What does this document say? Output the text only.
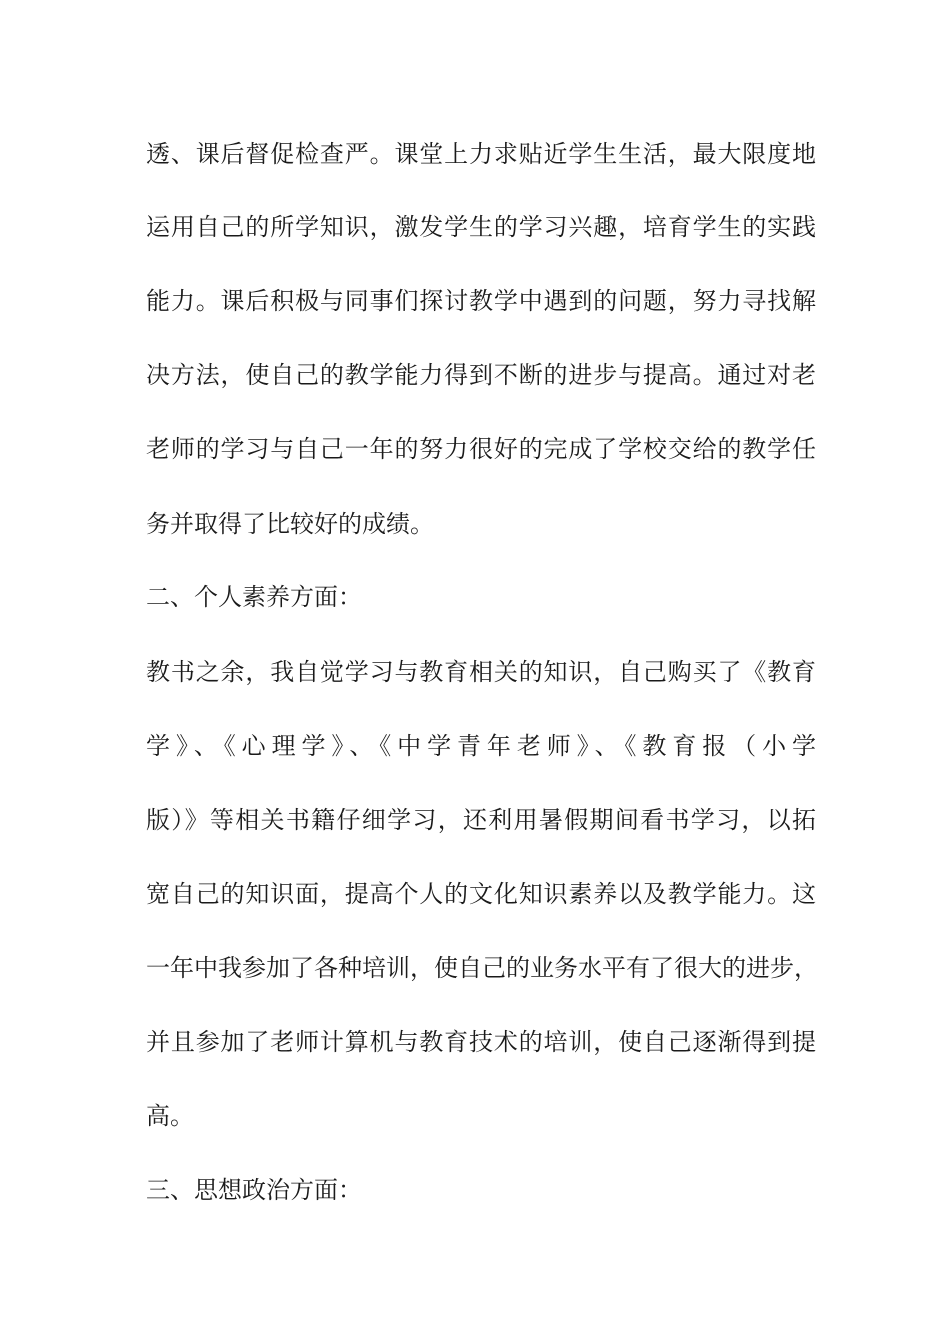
透、课后督促检查严。课堂上力求贴近学生生活，最大限度地
运用自己的所学知识，激发学生的学习兴趣，培育学生的实践
能力。课后积极与同事们探讨教学中遇到的问题，努力寻找解
决方法，使自己的教学能力得到不断的进步与提高。通过对老
老师的学习与自己一年的努力很好的完成了学校交给的教学任
务并取得了比较好的成绩。
二、个人素养方面：
教书之余，我自觉学习与教育相关的知识，自己购买了《教育
学》、《心理学》、《中学青年老师》、《教育报（小学
版）》等相关书籍仔细学习，还利用暑假期间看书学习，以拓
宽自己的知识面，提高个人的文化知识素养以及教学能力。这
一年中我参加了各种培训，使自己的业务水平有了很大的进步，
并且参加了老师计算机与教育技术的培训，使自己逐渐得到提
高。
三、思想政治方面：
